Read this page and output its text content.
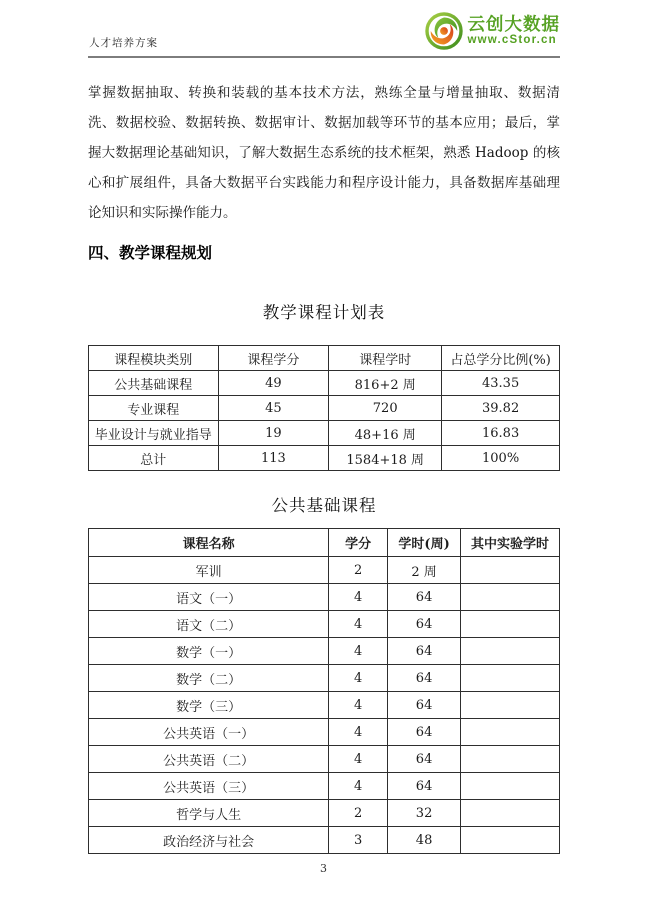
人才培养方案
云创大数据
www.cStor.cn

掌握数据抽取、转换和装载的基本技术方法，熟练全量与增量抽取、数据清洗、数据校验、数据转换、数据审计、数据加载等环节的基本应用；最后，掌握大数据理论基础知识，了解大数据生态系统的技术框架，熟悉 Hadoop 的核心和扩展组件，具备大数据平台实践能力和程序设计能力，具备数据库基础理论知识和实际操作能力。

四、教学课程规划
教学课程计划表
课程模块类别	课程学分	课程学时	占总学分比例(%)
公共基础课程	49	816+2 周	43.35
专业课程	45	720	39.82
毕业设计与就业指导	19	48+16 周	16.83
总计	113	1584+18 周	100%
公共基础课程
课程名称	学分	学时(周)	其中实验学时
军训	2	2 周	
语文（一）	4	64	
语文（二）	4	64	
数学（一）	4	64	
数学（二）	4	64	
数学（三）	4	64	
公共英语（一）	4	64	
公共英语（二）	4	64	
公共英语（三）	4	64	
哲学与人生	2	32	
政治经济与社会	3	48	
3
